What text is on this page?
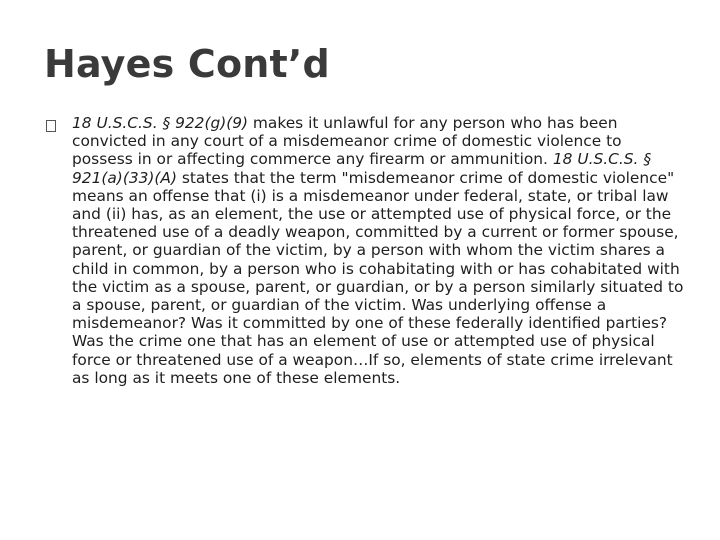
Hayes Cont’d

18 U.S.C.S. § 922(g)(9) makes it unlawful for any person who has been convicted in any court of a misdemeanor crime of domestic violence to possess in or affecting commerce any firearm or ammunition. 18 U.S.C.S. § 921(a)(33)(A) states that the term "misdemeanor crime of domestic violence" means an offense that (i) is a misdemeanor under federal, state, or tribal law and (ii) has, as an element, the use or attempted use of physical force, or the threatened use of a deadly weapon, committed by a current or former spouse, parent, or guardian of the victim, by a person with whom the victim shares a child in common, by a person who is cohabitating with or has cohabitated with the victim as a spouse, parent, or guardian, or by a person similarly situated to a spouse, parent, or guardian of the victim. Was underlying offense a misdemeanor? Was it committed by one of these federally identified parties? Was the crime one that has an element of use or attempted use of physical force or threatened use of a weapon…If so, elements of state crime irrelevant as long as it meets one of these elements.
